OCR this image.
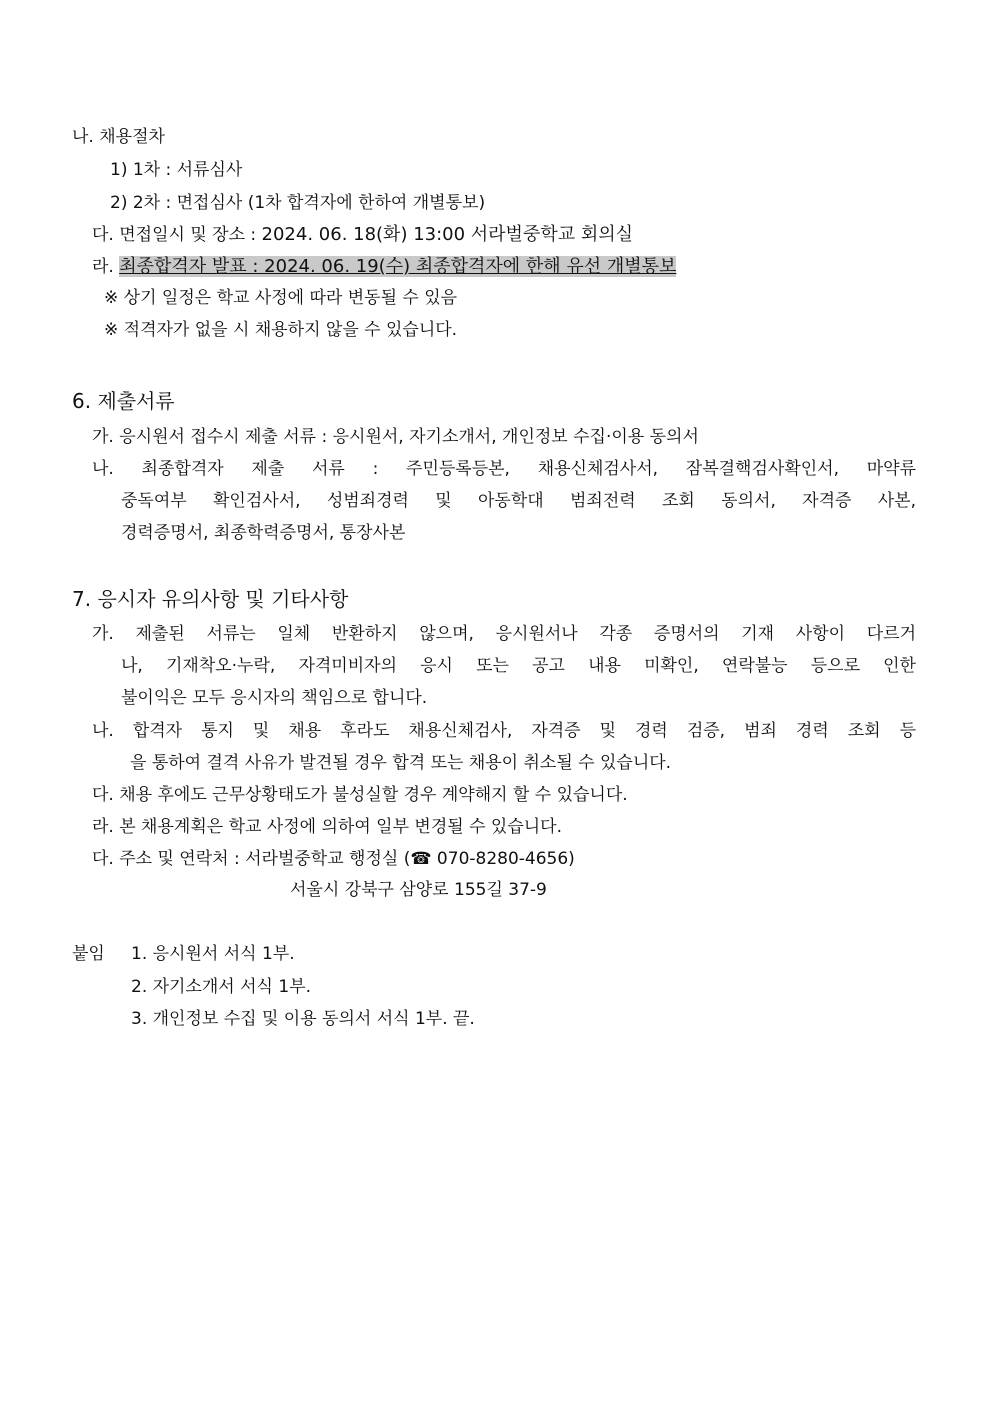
나. 채용절차
1) 1차 : 서류심사
2) 2차 : 면접심사 (1차 합격자에 한하여 개별통보)
다. 면접일시 및 장소 : 2024. 06. 18(화) 13:00 서라벌중학교 회의실
라. 최종합격자 발표 : 2024. 06. 19(수) 최종합격자에 한해 유선 개별통보
※ 상기 일정은 학교 사정에 따라 변동될 수 있음
※ 적격자가 없을 시 채용하지 않을 수 있습니다.
6. 제출서류
가. 응시원서 접수시 제출 서류 : 응시원서, 자기소개서, 개인정보 수집·이용 동의서
나. 최종합격자 제출 서류 : 주민등록등본, 채용신체검사서, 잠복결핵검사확인서, 마약류
중독여부 확인검사서, 성범죄경력 및 아동학대 범죄전력 조회 동의서, 자격증 사본,
경력증명서, 최종학력증명서, 통장사본
7. 응시자 유의사항 및 기타사항
가. 제출된 서류는 일체 반환하지 않으며, 응시원서나 각종 증명서의 기재 사항이 다르거
나, 기재착오·누락, 자격미비자의 응시 또는 공고 내용 미확인, 연락불능 등으로 인한
불이익은 모두 응시자의 책임으로 합니다.
나. 합격자 통지 및 채용 후라도 채용신체검사, 자격증 및 경력 검증, 범죄 경력 조회 등
을 통하여 결격 사유가 발견될 경우 합격 또는 채용이 취소될 수 있습니다.
다. 채용 후에도 근무상황태도가 불성실할 경우 계약해지 할 수 있습니다.
라. 본 채용계획은 학교 사정에 의하여 일부 변경될 수 있습니다.
다. 주소 및 연락처 : 서라벌중학교 행정실 (☎ 070-8280-4656)
서울시 강북구 삼양로 155길 37-9
붙임 1. 응시원서 서식 1부.
2. 자기소개서 서식 1부.
3. 개인정보 수집 및 이용 동의서 서식 1부. 끝.
